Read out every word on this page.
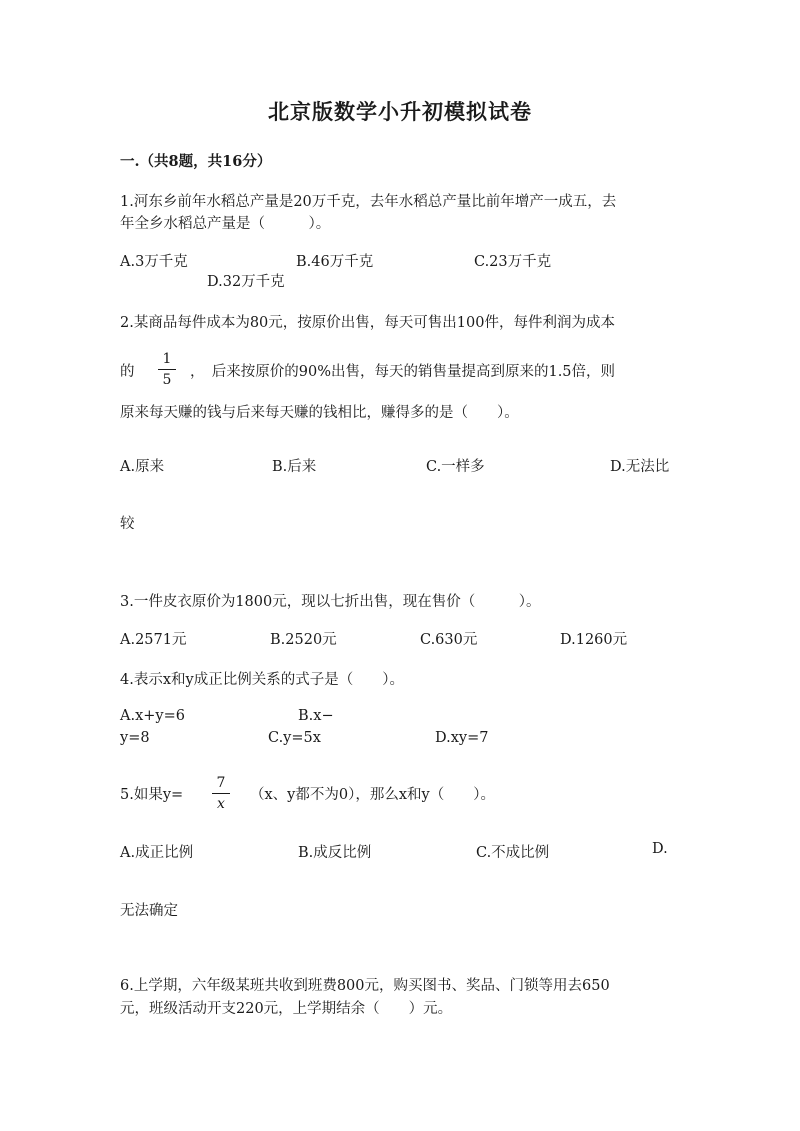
北京版数学小升初模拟试卷
一.（共8题，共16分）
1.河东乡前年水稻总产量是20万千克，去年水稻总产量比前年增产一成五，去
年全乡水稻总产量是（　　　）。
A.3万千克	B.46万千克	C.23万千克
D.32万千克
2.某商品每件成本为80元，按原价出售，每天可售出100件，每件利润为成本
的
1
5	，　后来按原价的90%出售，每天的销售量提高到原来的1.5倍，则
原来每天赚的钱与后来每天赚的钱相比，赚得多的是（　　）。
A.原来	B.后来	C.一样多	D.无法比
较
3.一件皮衣原价为1800元，现以七折出售，现在售价（　　　）。
A.2571元	B.2520元	C.630元	D.1260元
4.表示x和y成正比例关系的式子是（　　）。
A.x+y=6	B.x−
y=8	C.y=5x	D.xy=7
5.如果y=
7
x
（x、y都不为0），那么x和y（　　）。
A.成正比例	B.成反比例	C.不成比例	D.
无法确定
6.上学期，六年级某班共收到班费800元，购买图书、奖品、门锁等用去650
元，班级活动开支220元，上学期结余（　　）元。
